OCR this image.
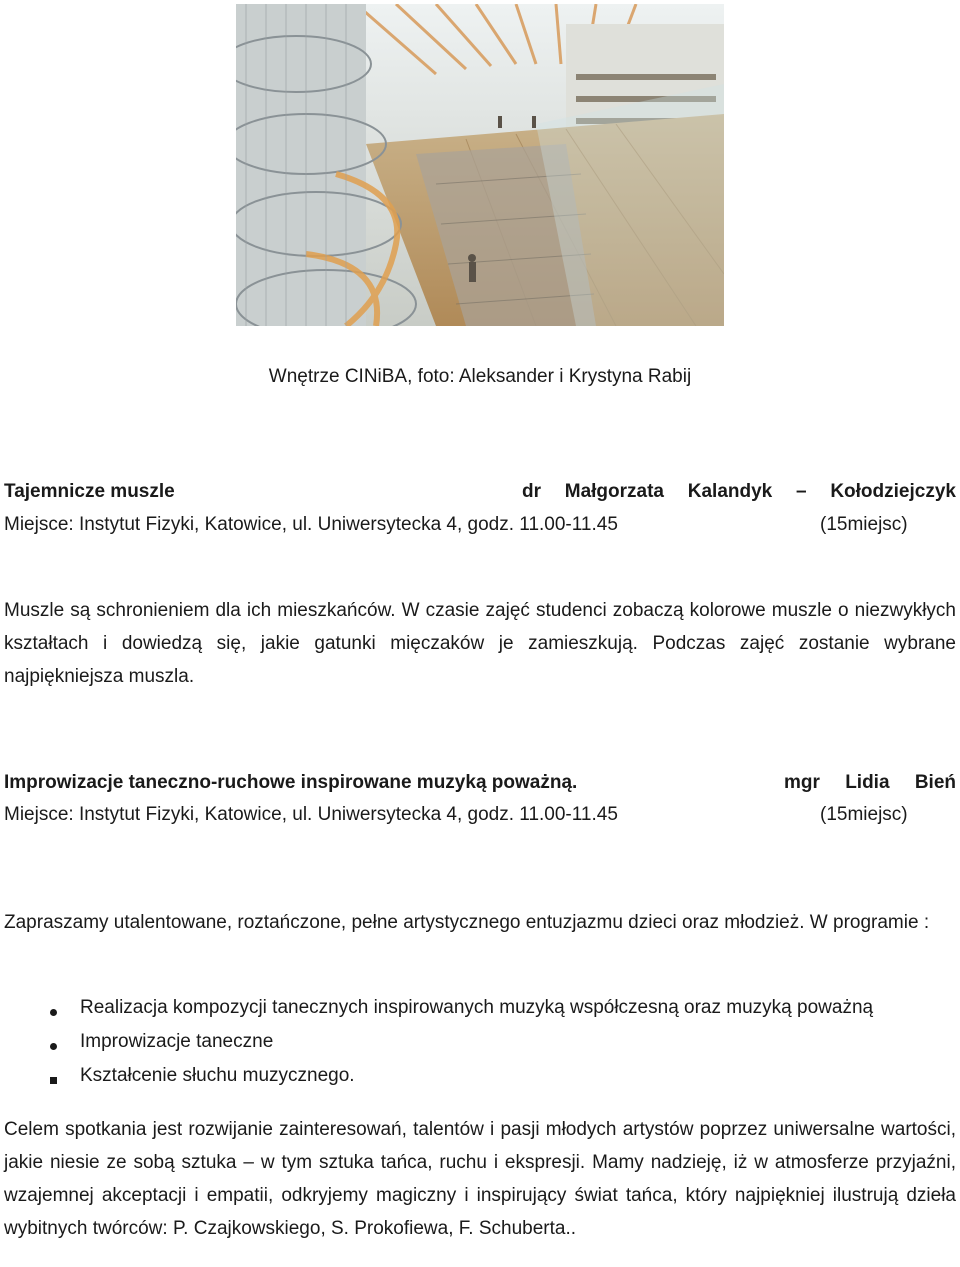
Wnętrze CINiBA, foto: Aleksander i Krystyna Rabij
Tajemnicze muszle	dr Małgorzata Kalandyk – Kołodziejczyk
Miejsce: Instytut Fizyki, Katowice, ul. Uniwersytecka 4, godz. 11.00-11.45	(15miejsc)
Muszle są schronieniem dla ich mieszkańców. W czasie zajęć studenci zobaczą kolorowe muszle o niezwykłych kształtach i dowiedzą się, jakie gatunki mięczaków je zamieszkują. Podczas zajęć zostanie wybrane najpiękniejsza muszla.
Improwizacje taneczno-ruchowe inspirowane muzyką poważną.	mgr Lidia Bień
Miejsce: Instytut Fizyki, Katowice, ul. Uniwersytecka 4, godz. 11.00-11.45	(15miejsc)
Zapraszamy utalentowane, roztańczone, pełne artystycznego entuzjazmu dzieci oraz młodzież. W programie :
Realizacja kompozycji tanecznych inspirowanych muzyką współczesną oraz muzyką poważną
Improwizacje taneczne
Kształcenie słuchu muzycznego.
Celem spotkania jest rozwijanie zainteresowań, talentów i pasji młodych artystów poprzez uniwersalne wartości, jakie niesie ze sobą sztuka – w tym sztuka tańca, ruchu i ekspresji. Mamy nadzieję, iż w atmosferze przyjaźni, wzajemnej akceptacji i empatii, odkryjemy magiczny i inspirujący świat tańca, który najpiękniej ilustrują dzieła wybitnych twórców: P. Czajkowskiego, S. Prokofiewa, F. Schuberta..
